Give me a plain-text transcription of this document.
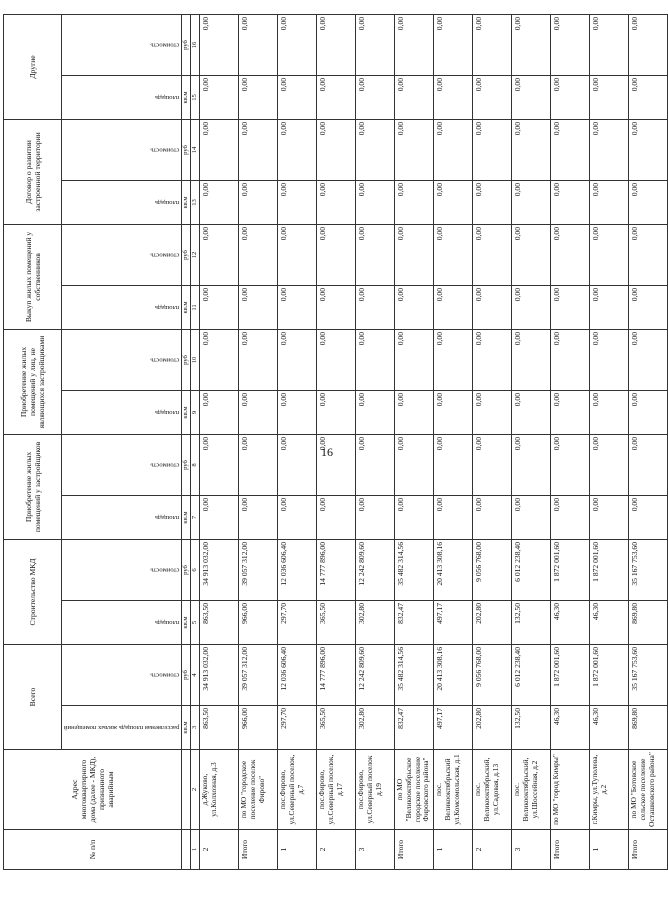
16
№ п/п	Адрес многоквартирного дома (далее - МКД), признанного аварийным	Всего		Строительство МКД		Приобретение жилых помещений у застройщиков		Приобретение жилых помещений у лиц, не являющихся застройщиками		Выкуп жилых помещений у собственников		Договор о развитии застроенной территории		Другие	
		расселяемая площадь жилых помещений	стоимость	площадь	стоимость	площадь	стоимость	площадь	стоимость	площадь	стоимость	площадь	стоимость	площадь	стоимость
		кв.м	руб	кв.м	руб	кв.м	руб	кв.м	руб	кв.м	руб	кв.м	руб	кв.м	руб
1	2	3	4	5	6	7	8	9	10	11	12	13	14	15	16
2	д.Жуково, ул.Колхозная, д.3	863,50	34 913 032,00	863,50	34 913 032,00	0,00	0,00	0,00	0,00	0,00	0,00	0,00	0,00	0,00	0,00
Итого	по МО "городское поселение поселок Фирово"	966,00	39 057 312,00	966,00	39 057 312,00	0,00	0,00	0,00	0,00	0,00	0,00	0,00	0,00	0,00	0,00
1	пос.Фирово, ул.Северный поселок, д.7	297,70	12 036 606,40	297,70	12 036 606,40	0,00	0,00	0,00	0,00	0,00	0,00	0,00	0,00	0,00	0,00
2	пос.Фирово, ул.Северный поселок, д.17	365,50	14 777 896,00	365,50	14 777 896,00	0,00	0,00	0,00	0,00	0,00	0,00	0,00	0,00	0,00	0,00
3	пос.Фирово, ул.Северный поселок д.19	302,80	12 242 809,60	302,80	12 242 809,60	0,00	0,00	0,00	0,00	0,00	0,00	0,00	0,00	0,00	0,00
Итого	по МО "Великооктябрьское городское поселение Фировского района"	832,47	35 482 314,56	832,47	35 482 314,56	0,00	0,00	0,00	0,00	0,00	0,00	0,00	0,00	0,00	0,00
1	пос. Великооктябрьский ул.Комсомольская, д.1	497,17	20 413 308,16	497,17	20 413 308,16	0,00	0,00	0,00	0,00	0,00	0,00	0,00	0,00	0,00	0,00
2	пос. Великооктябрьский, ул.Садовая, д.13	202,80	9 056 768,00	202,80	9 056 768,00	0,00	0,00	0,00	0,00	0,00	0,00	0,00	0,00	0,00	0,00
3	пос. Великооктябрьский, ул.Шоссейная, д.2	132,50	6 012 238,40	132,50	6 012 238,40	0,00	0,00	0,00	0,00	0,00	0,00	0,00	0,00	0,00	0,00
Итого	по МО "город Кимры"	46,30	1 872 001,60	46,30	1 872 001,60	0,00	0,00	0,00	0,00	0,00	0,00	0,00	0,00	0,00	0,00
1	г.Кимры, ул.Туполева, д.2	46,30	1 872 001,60	46,30	1 872 001,60	0,00	0,00	0,00	0,00	0,00	0,00	0,00	0,00	0,00	0,00
Итого	по МО "Ботовское сельское поселение Осташковского района"	869,80	35 167 753,60	869,80	35 167 753,60	0,00	0,00	0,00	0,00	0,00	0,00	0,00	0,00	0,00	0,00
